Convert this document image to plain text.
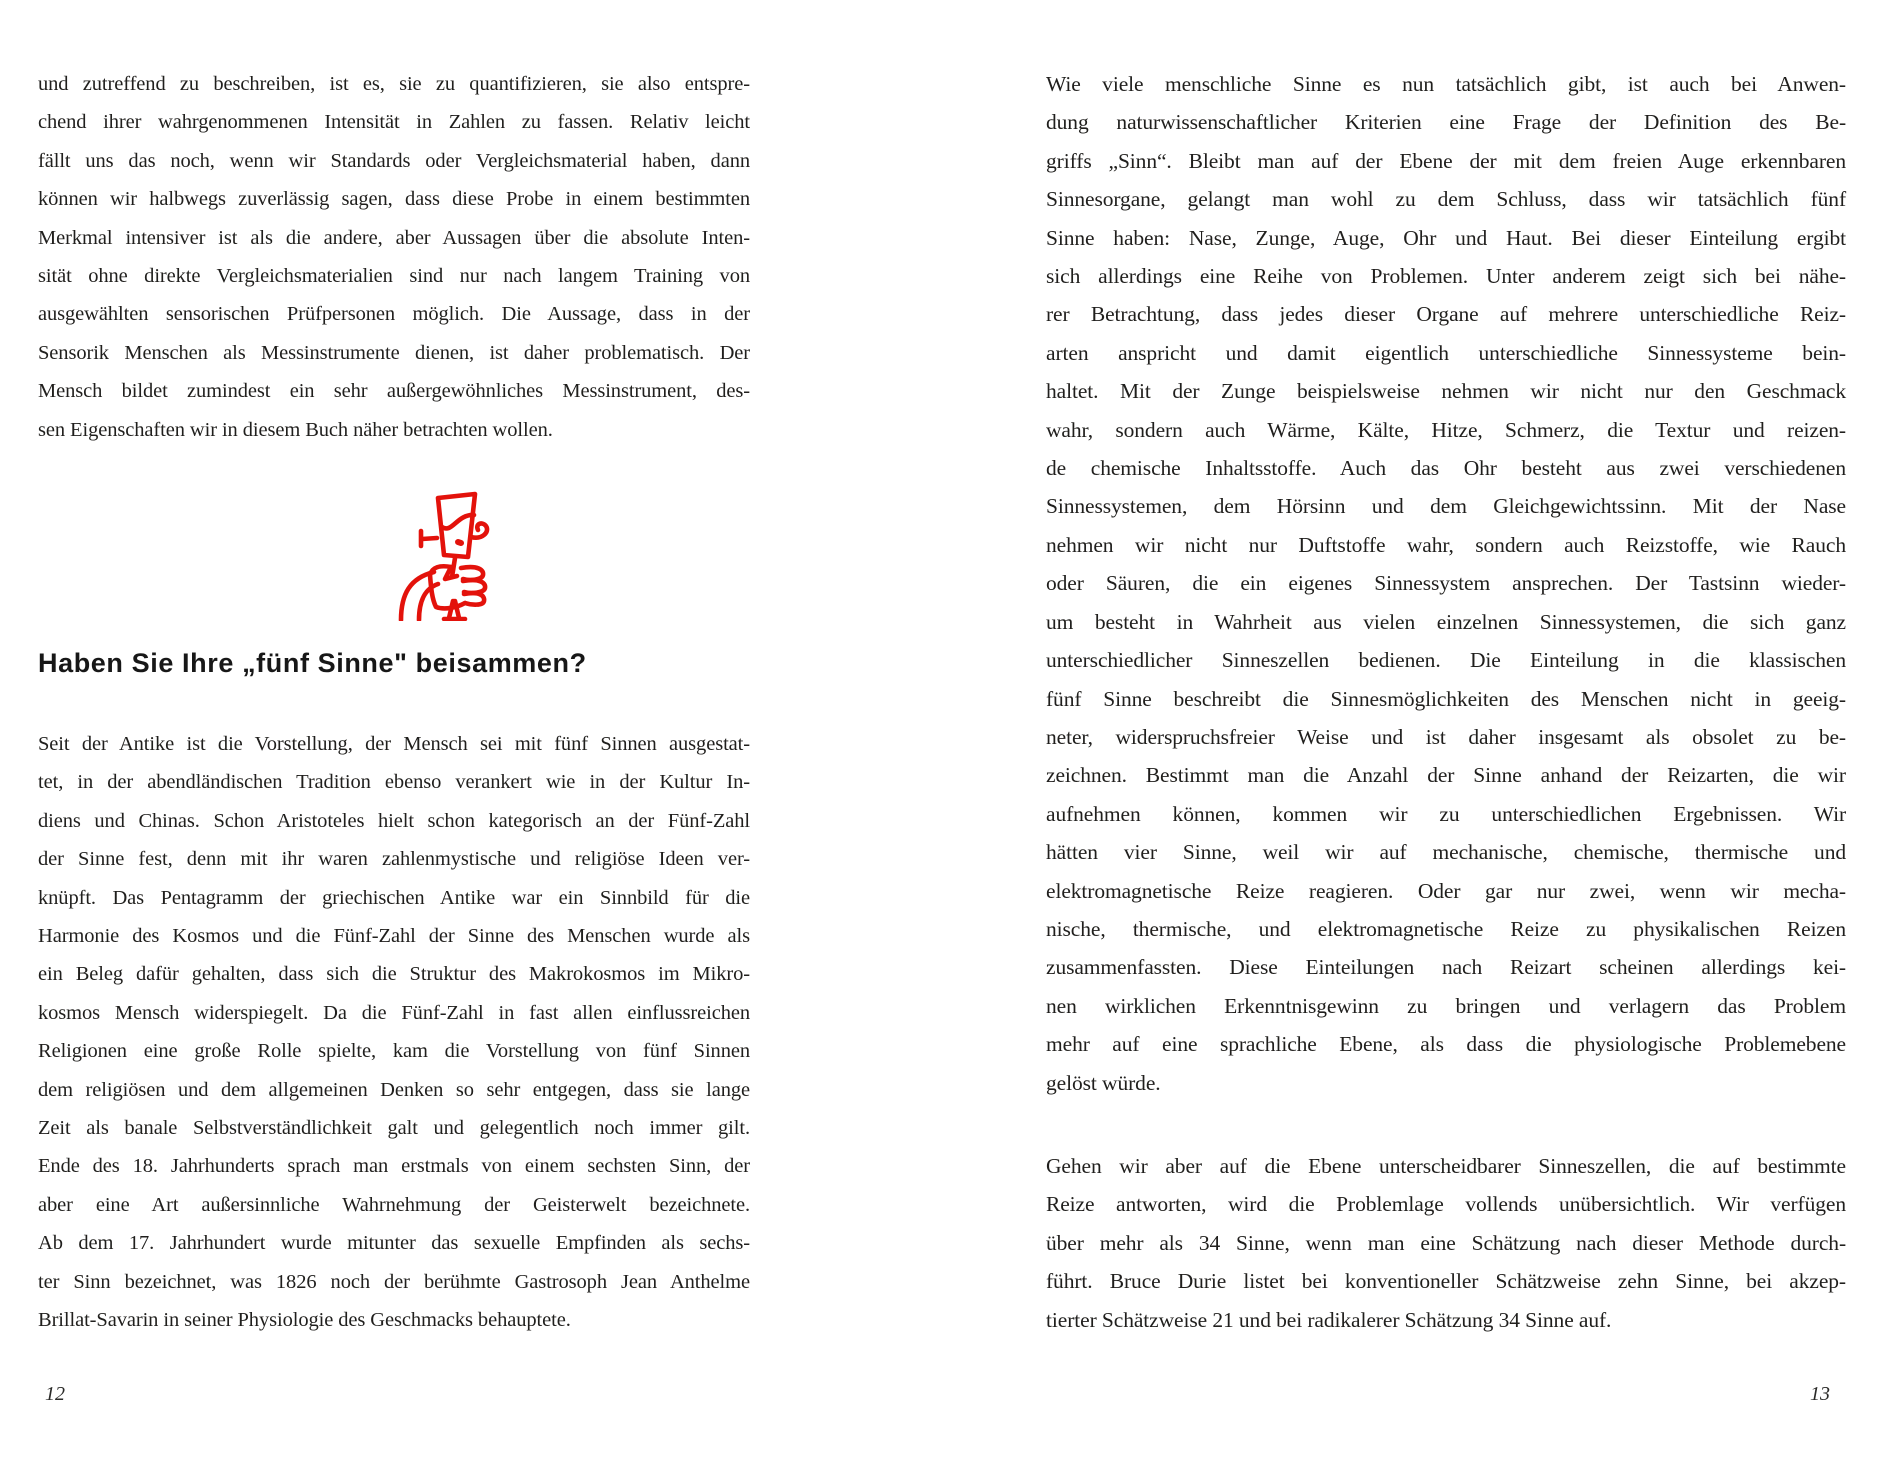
und zutreffend zu beschreiben, ist es, sie zu quantifizieren, sie also entspre-
chend ihrer wahrgenommenen Intensität in Zahlen zu fassen. Relativ leicht
fällt uns das noch, wenn wir Standards oder Vergleichsmaterial haben, dann
können wir halbwegs zuverlässig sagen, dass diese Probe in einem bestimmten
Merkmal intensiver ist als die andere, aber Aussagen über die absolute Inten-
sität ohne direkte Vergleichsmaterialien sind nur nach langem Training von
ausgewählten sensorischen Prüfpersonen möglich. Die Aussage, dass in der
Sensorik Menschen als Messinstrumente dienen, ist daher problematisch. Der
Mensch bildet zumindest ein sehr außergewöhnliches Messinstrument, des-
sen Eigenschaften wir in diesem Buch näher betrachten wollen.
Haben Sie Ihre „fünf Sinne" beisammen?
Seit der Antike ist die Vorstellung, der Mensch sei mit fünf Sinnen ausgestat-
tet, in der abendländischen Tradition ebenso verankert wie in der Kultur In-
diens und Chinas. Schon Aristoteles hielt schon kategorisch an der Fünf-Zahl
der Sinne fest, denn mit ihr waren zahlenmystische und religiöse Ideen ver-
knüpft. Das Pentagramm der griechischen Antike war ein Sinnbild für die
Harmonie des Kosmos und die Fünf-Zahl der Sinne des Menschen wurde als
ein Beleg dafür gehalten, dass sich die Struktur des Makrokosmos im Mikro-
kosmos Mensch widerspiegelt. Da die Fünf-Zahl in fast allen einflussreichen
Religionen eine große Rolle spielte, kam die Vorstellung von fünf Sinnen
dem religiösen und dem allgemeinen Denken so sehr entgegen, dass sie lange
Zeit als banale Selbstverständlichkeit galt und gelegentlich noch immer gilt.
Ende des 18. Jahrhunderts sprach man erstmals von einem sechsten Sinn, der
aber eine Art außersinnliche Wahrnehmung der Geisterwelt bezeichnete.
Ab dem 17. Jahrhundert wurde mitunter das sexuelle Empfinden als sechs-
ter Sinn bezeichnet, was 1826 noch der berühmte Gastrosoph Jean Anthelme
Brillat-Savarin in seiner Physiologie des Geschmacks behauptete.
12
Wie viele menschliche Sinne es nun tatsächlich gibt, ist auch bei Anwen-
dung naturwissenschaftlicher Kriterien eine Frage der Definition des Be-
griffs „Sinn“. Bleibt man auf der Ebene der mit dem freien Auge erkennbaren
Sinnesorgane, gelangt man wohl zu dem Schluss, dass wir tatsächlich fünf
Sinne haben: Nase, Zunge, Auge, Ohr und Haut. Bei dieser Einteilung ergibt
sich allerdings eine Reihe von Problemen. Unter anderem zeigt sich bei nähe-
rer Betrachtung, dass jedes dieser Organe auf mehrere unterschiedliche Reiz-
arten anspricht und damit eigentlich unterschiedliche Sinnessysteme bein-
haltet. Mit der Zunge beispielsweise nehmen wir nicht nur den Geschmack
wahr, sondern auch Wärme, Kälte, Hitze, Schmerz, die Textur und reizen-
de chemische Inhaltsstoffe. Auch das Ohr besteht aus zwei verschiedenen
Sinnessystemen, dem Hörsinn und dem Gleichgewichtssinn. Mit der Nase
nehmen wir nicht nur Duftstoffe wahr, sondern auch Reizstoffe, wie Rauch
oder Säuren, die ein eigenes Sinnessystem ansprechen. Der Tastsinn wieder-
um besteht in Wahrheit aus vielen einzelnen Sinnessystemen, die sich ganz
unterschiedlicher Sinneszellen bedienen. Die Einteilung in die klassischen
fünf Sinne beschreibt die Sinnesmöglichkeiten des Menschen nicht in geeig-
neter, widerspruchsfreier Weise und ist daher insgesamt als obsolet zu be-
zeichnen. Bestimmt man die Anzahl der Sinne anhand der Reizarten, die wir
aufnehmen können, kommen wir zu unterschiedlichen Ergebnissen. Wir
hätten vier Sinne, weil wir auf mechanische, chemische, thermische und
elektromagnetische Reize reagieren. Oder gar nur zwei, wenn wir mecha-
nische, thermische, und elektromagnetische Reize zu physikalischen Reizen
zusammenfassten. Diese Einteilungen nach Reizart scheinen allerdings kei-
nen wirklichen Erkenntnisgewinn zu bringen und verlagern das Problem
mehr auf eine sprachliche Ebene, als dass die physiologische Problemebene
gelöst würde.
Gehen wir aber auf die Ebene unterscheidbarer Sinneszellen, die auf bestimmte
Reize antworten, wird die Problemlage vollends unübersichtlich. Wir verfügen
über mehr als 34 Sinne, wenn man eine Schätzung nach dieser Methode durch-
führt. Bruce Durie listet bei konventioneller Schätzweise zehn Sinne, bei akzep-
tierter Schätzweise 21 und bei radikalerer Schätzung 34 Sinne auf.
13
